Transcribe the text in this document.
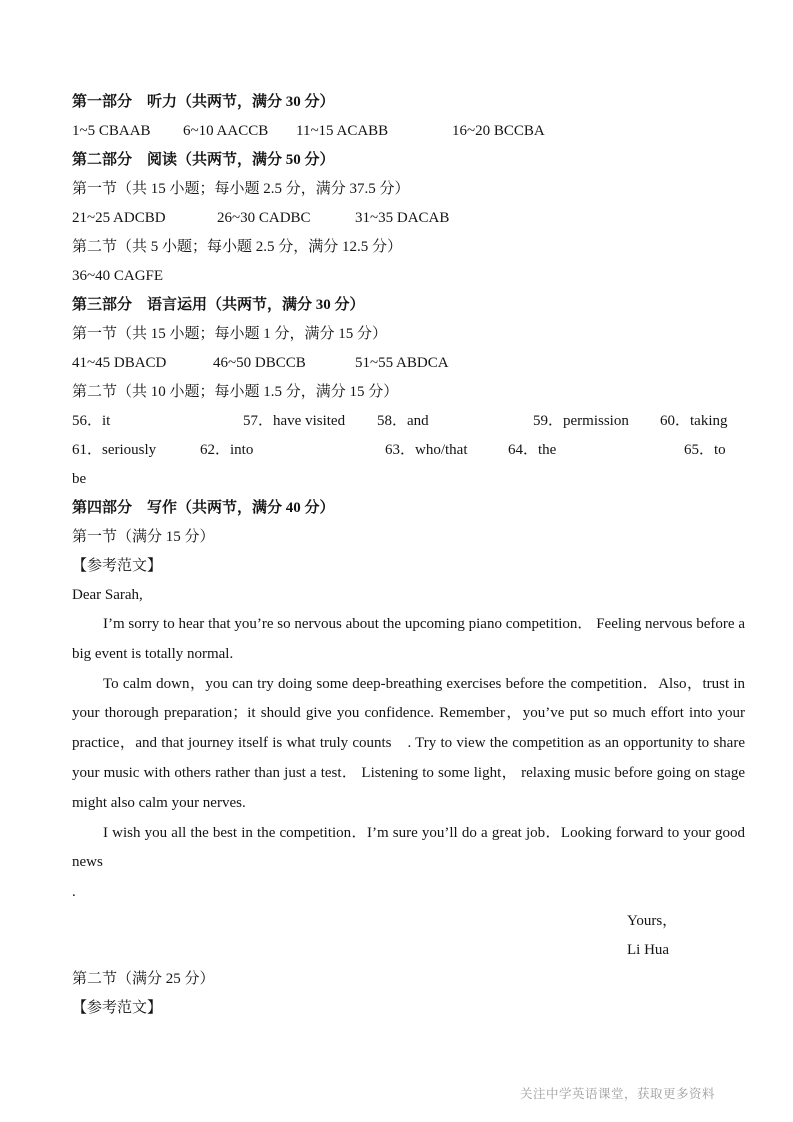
第一部分　听力（共两节，满分 30 分）
1~5 CBAAB	6~10 AACCB	11~15 ACABB	16~20 BCCBA
第二部分　阅读（共两节，满分 50 分）
第一节（共 15 小题；每小题 2.5 分，满分 37.5 分）
21~25 ADCBD	26~30 CADBC	31~35 DACAB
第二节（共 5 小题；每小题 2.5 分，满分 12.5 分）
36~40 CAGFE
第三部分　语言运用（共两节，满分 30 分）
第一节（共 15 小题；每小题 1 分，满分 15 分）
41~45 DBACD	46~50 DBCCB	51~55 ABDCA
第二节（共 10 小题；每小题 1.5 分，满分 15 分）
56．it	57．have visited	58．and	59．permission	60．taking
61．seriously	62．into	63．who/that	64．the	65．to
be
第四部分　写作（共两节，满分 40 分）
第一节（满分 15 分）
【参考范文】
Dear Sarah,

I’m sorry to hear that you’re so nervous about the upcoming piano competition． Feeling nervous before a big event is totally normal.

To calm down，you can try doing some deep-breathing exercises before the competition．Also，trust in your thorough preparation；it should give you confidence. Remember，you’ve put so much effort into your practice，and that journey itself is what truly counts　. Try to view the competition as an opportunity to share your music with others rather than just a test． Listening to some light， relaxing music before going on stage might also calm your nerves.

I wish you all the best in the competition．I’m sure you’ll do a great job．Looking forward to your good news

.
Yours，
Li Hua
第二节（满分 25 分）
【参考范文】
关注中学英语课堂，获取更多资料
